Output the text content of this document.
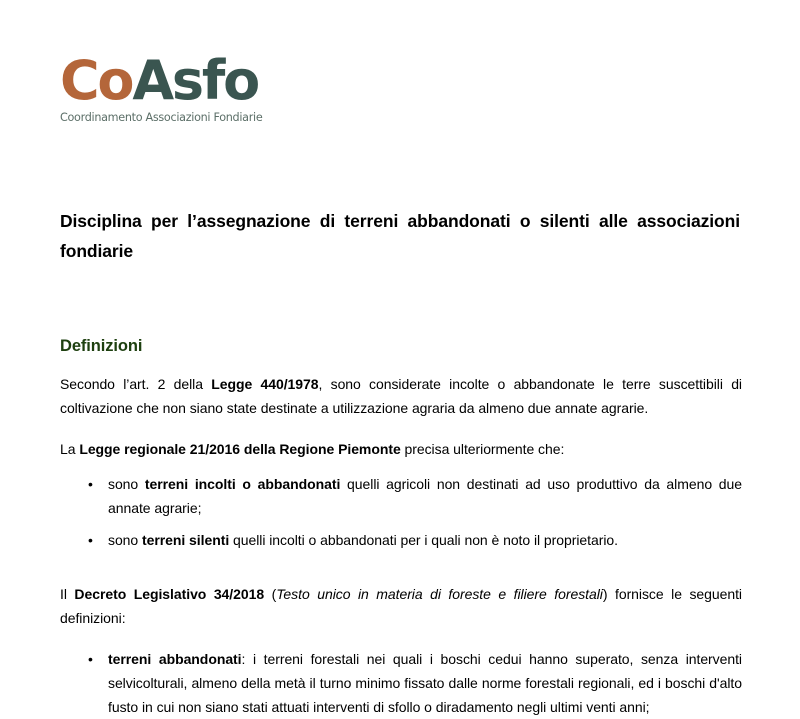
CoAsfo
Coordinamento Associazioni Fondiarie
Disciplina per l’assegnazione di terreni abbandonati o silenti alle associazioni fondiarie
Definizioni

Secondo l’art. 2 della Legge 440/1978, sono considerate incolte o abbandonate le terre suscettibili di coltivazione che non siano state destinate a utilizzazione agraria da almeno due annate agrarie.

La Legge regionale 21/2016 della Regione Piemonte precisa ulteriormente che:

• sono terreni incolti o abbandonati quelli agricoli non destinati ad uso produttivo da almeno due annate agrarie;
• sono terreni silenti quelli incolti o abbandonati per i quali non è noto il proprietario.

Il Decreto Legislativo 34/2018 (Testo unico in materia di foreste e filiere forestali) fornisce le seguenti definizioni:

• terreni abbandonati: i terreni forestali nei quali i boschi cedui hanno superato, senza interventi selvicolturali, almeno della metà il turno minimo fissato dalle norme forestali regionali, ed i boschi d'alto fusto in cui non siano stati attuati interventi di sfollo o diradamento negli ultimi venti anni;
